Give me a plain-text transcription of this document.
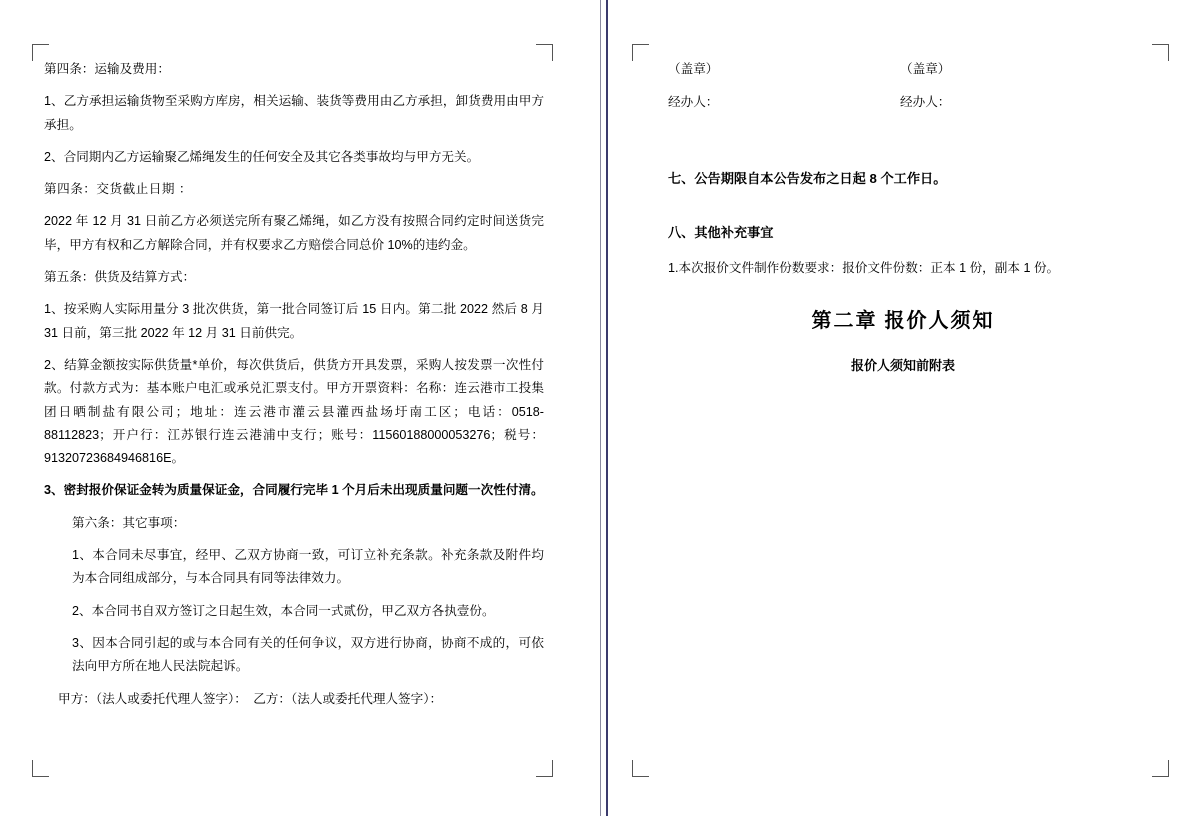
第四条：运输及费用：

1、乙方承担运输货物至采购方库房，相关运输、装货等费用由乙方承担，卸货费用由甲方承担。

2、合同期内乙方运输聚乙烯绳发生的任何安全及其它各类事故均与甲方无关。

第四条：交货截止日期 ：

2022 年 12 月 31 日前乙方必须送完所有聚乙烯绳，如乙方没有按照合同约定时间送货完毕，甲方有权和乙方解除合同，并有权要求乙方赔偿合同总价 10%的违约金。

第五条：供货及结算方式：

1、按采购人实际用量分 3 批次供货，第一批合同签订后 15 日内。第二批 2022 然后 8 月 31 日前，第三批 2022 年 12 月 31 日前供完。

2、结算金额按实际供货量*单价，每次供货后，供货方开具发票，采购人按发票一次性付款。付款方式为：基本账户电汇或承兑汇票支付。甲方开票资料：名称：连云港市工投集团日晒制盐有限公司；地址：连云港市灌云县灌西盐场圩南工区；电话：0518-88112823；开户行：江苏银行连云港浦中支行；账号：11560188000053276；税号：91320723684946816E。

3、密封报价保证金转为质量保证金，合同履行完毕 1 个月后未出现质量问题一次性付清。

第六条：其它事项：

1、本合同未尽事宜，经甲、乙双方协商一致，可订立补充条款。补充条款及附件均为本合同组成部分，与本合同具有同等法律效力。

2、本合同书自双方签订之日起生效，本合同一式贰份，甲乙双方各执壹份。

3、因本合同引起的或与本合同有关的任何争议，双方进行协商，协商不成的，可依法向甲方所在地人民法院起诉。

甲方：（法人或委托代理人签字）：　乙方：（法人或委托代理人签字）：

（盖章）	（盖章）
经办人：	经办人：

七、公告期限自本公告发布之日起 8 个工作日。

八、其他补充事宜

1.本次报价文件制作份数要求：报价文件份数：正本 1 份，副本 1 份。

第二章 报价人须知
报价人须知前附表
